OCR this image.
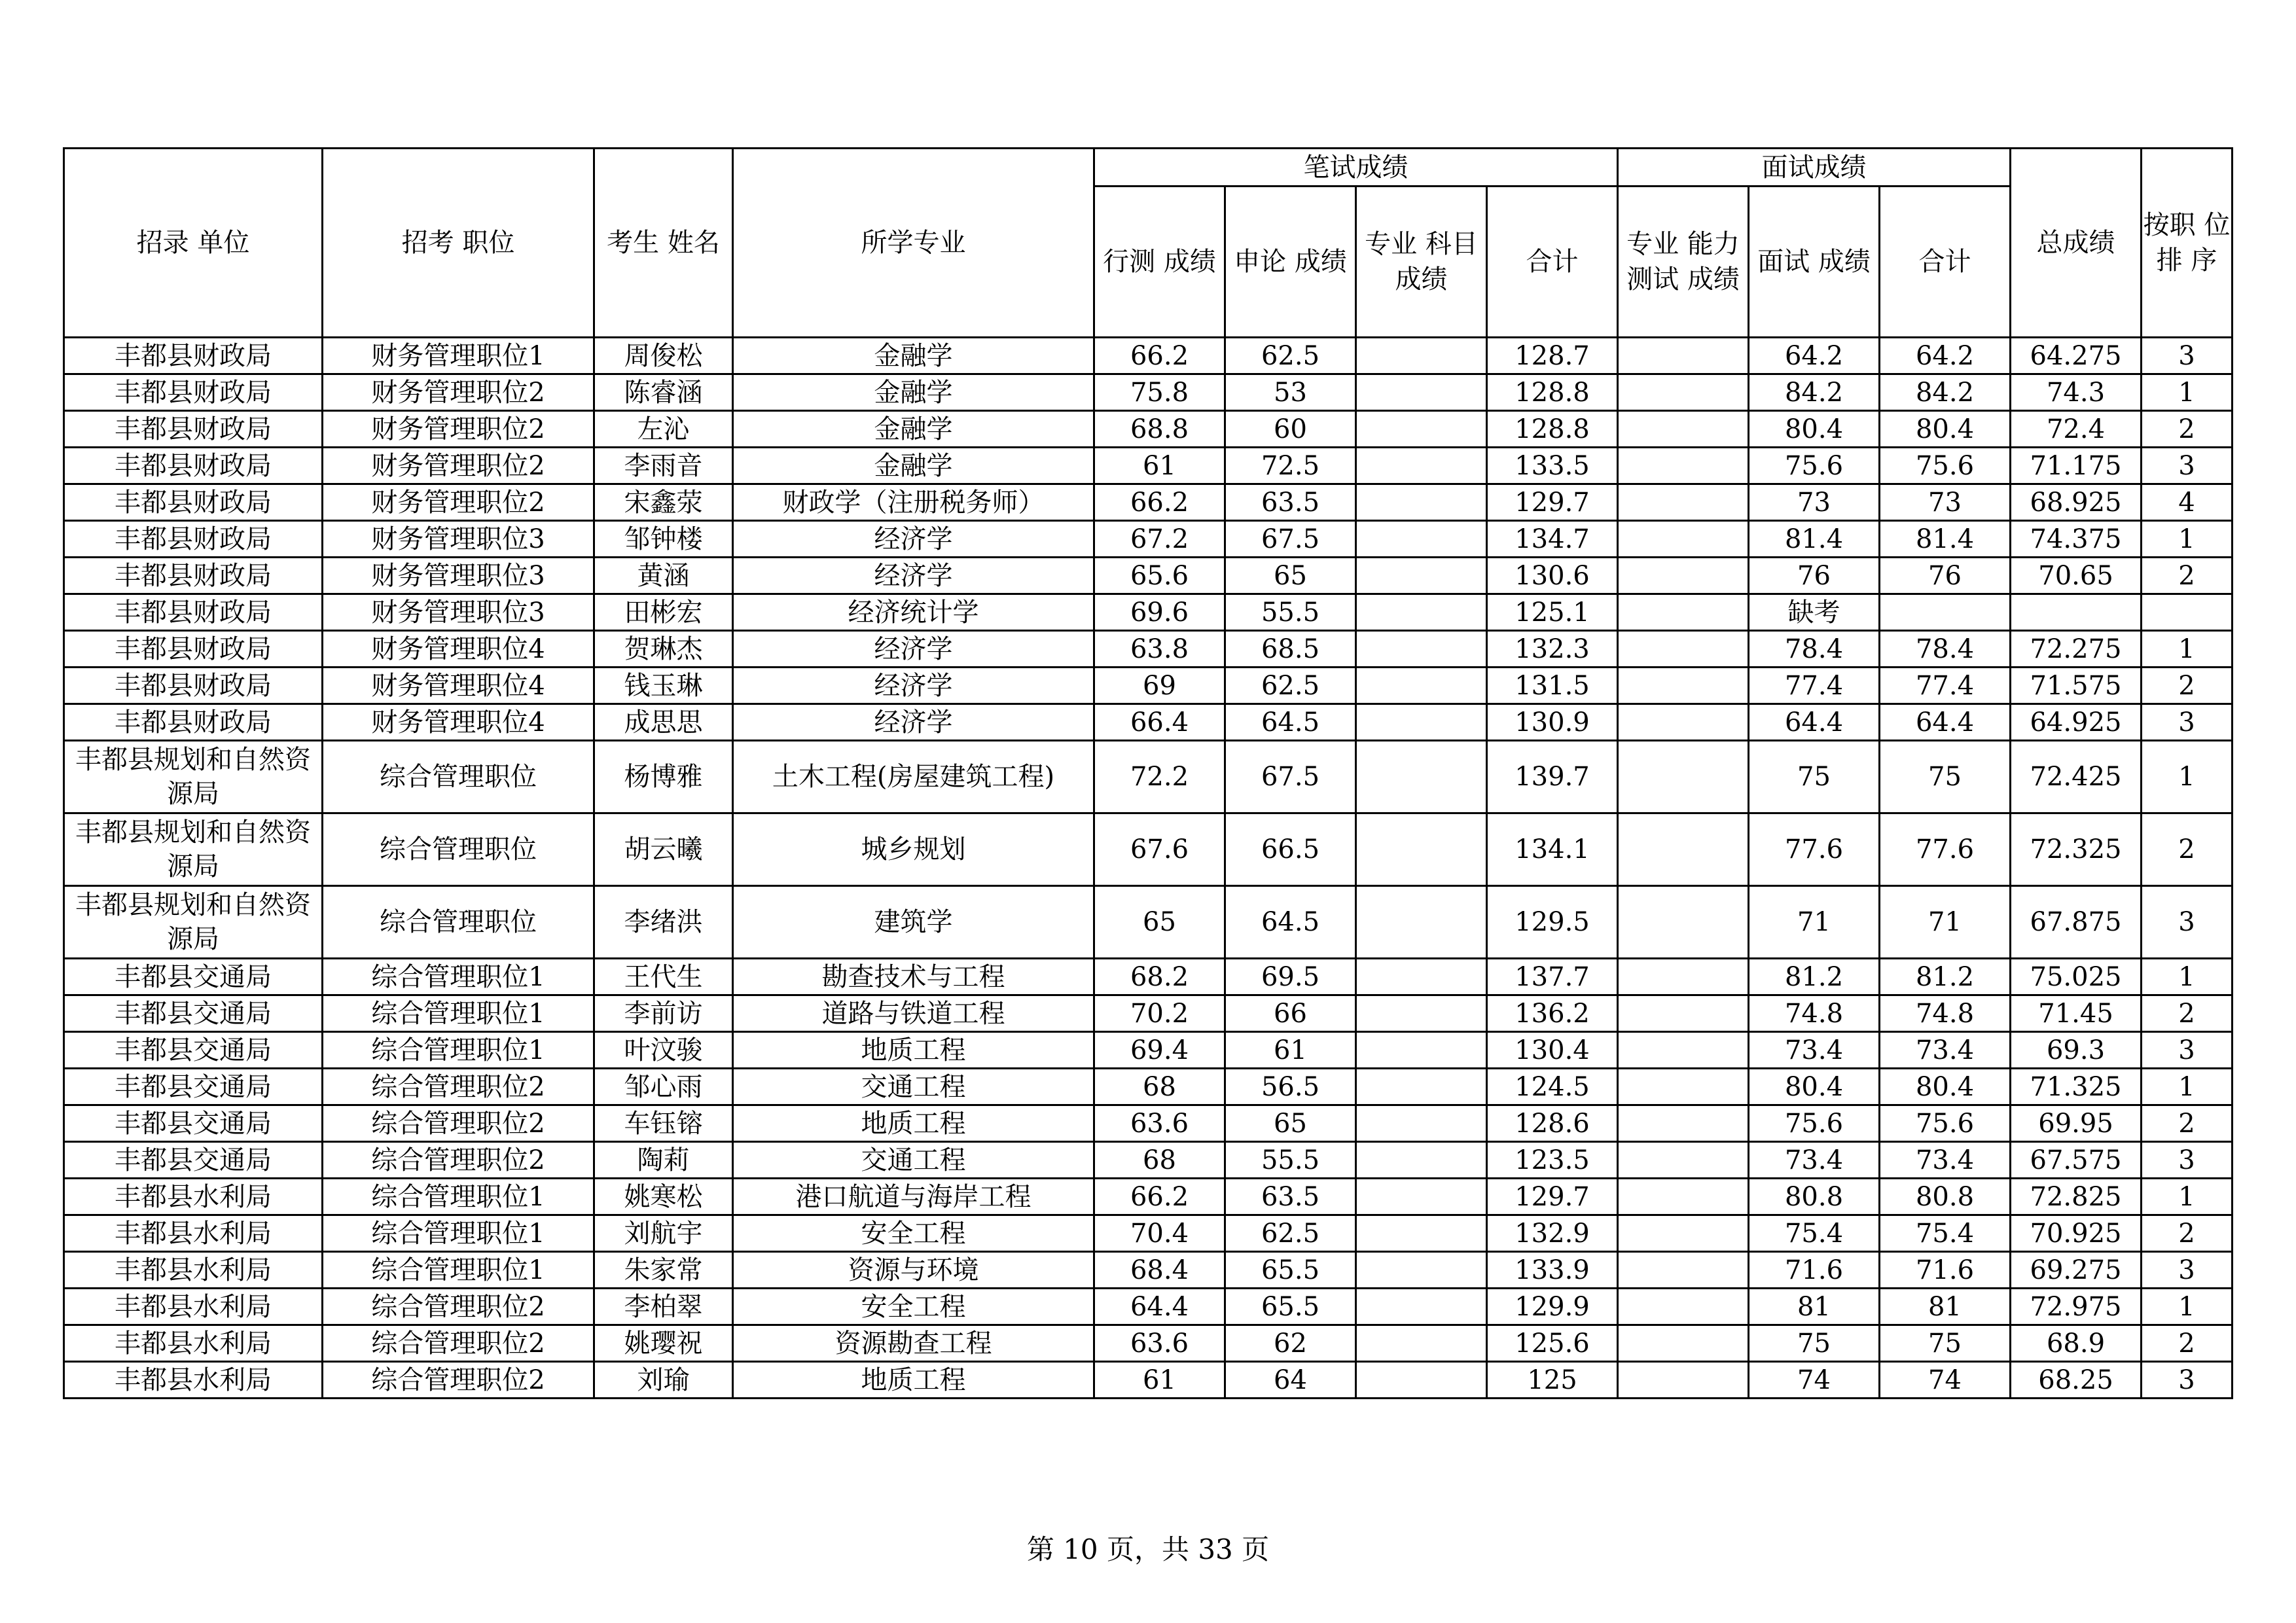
招录 单位	招考 职位	考生 姓名	所学专业	笔试成绩				面试成绩			总成绩	按职 位排 序
				行测 成绩	申论 成绩	专业 科目 成绩	合计	专业 能力 测试 成绩	面试 成绩	合计		
丰都县财政局	财务管理职位1	周俊松	金融学	66.2	62.5		128.7		64.2	64.2	64.275	3
丰都县财政局	财务管理职位2	陈睿涵	金融学	75.8	53		128.8		84.2	84.2	74.3	1
丰都县财政局	财务管理职位2	左沁	金融学	68.8	60		128.8		80.4	80.4	72.4	2
丰都县财政局	财务管理职位2	李雨音	金融学	61	72.5		133.5		75.6	75.6	71.175	3
丰都县财政局	财务管理职位2	宋鑫荥	财政学（注册税务师）	66.2	63.5		129.7		73	73	68.925	4
丰都县财政局	财务管理职位3	邹钟楼	经济学	67.2	67.5		134.7		81.4	81.4	74.375	1
丰都县财政局	财务管理职位3	黄涵	经济学	65.6	65		130.6		76	76	70.65	2
丰都县财政局	财务管理职位3	田彬宏	经济统计学	69.6	55.5		125.1		缺考			
丰都县财政局	财务管理职位4	贺琳杰	经济学	63.8	68.5		132.3		78.4	78.4	72.275	1
丰都县财政局	财务管理职位4	钱玉琳	经济学	69	62.5		131.5		77.4	77.4	71.575	2
丰都县财政局	财务管理职位4	成思思	经济学	66.4	64.5		130.9		64.4	64.4	64.925	3
丰都县规划和自然资源局	综合管理职位	杨博雅	土木工程(房屋建筑工程)	72.2	67.5		139.7		75	75	72.425	1
丰都县规划和自然资源局	综合管理职位	胡云曦	城乡规划	67.6	66.5		134.1		77.6	77.6	72.325	2
丰都县规划和自然资源局	综合管理职位	李绪洪	建筑学	65	64.5		129.5		71	71	67.875	3
丰都县交通局	综合管理职位1	王代生	勘查技术与工程	68.2	69.5		137.7		81.2	81.2	75.025	1
丰都县交通局	综合管理职位1	李前访	道路与铁道工程	70.2	66		136.2		74.8	74.8	71.45	2
丰都县交通局	综合管理职位1	叶汶骏	地质工程	69.4	61		130.4		73.4	73.4	69.3	3
丰都县交通局	综合管理职位2	邹心雨	交通工程	68	56.5		124.5		80.4	80.4	71.325	1
丰都县交通局	综合管理职位2	车钰镕	地质工程	63.6	65		128.6		75.6	75.6	69.95	2
丰都县交通局	综合管理职位2	陶莉	交通工程	68	55.5		123.5		73.4	73.4	67.575	3
丰都县水利局	综合管理职位1	姚寒松	港口航道与海岸工程	66.2	63.5		129.7		80.8	80.8	72.825	1
丰都县水利局	综合管理职位1	刘航宇	安全工程	70.4	62.5		132.9		75.4	75.4	70.925	2
丰都县水利局	综合管理职位1	朱家常	资源与环境	68.4	65.5		133.9		71.6	71.6	69.275	3
丰都县水利局	综合管理职位2	李柏翠	安全工程	64.4	65.5		129.9		81	81	72.975	1
丰都县水利局	综合管理职位2	姚璎祝	资源勘查工程	63.6	62		125.6		75	75	68.9	2
丰都县水利局	综合管理职位2	刘瑜	地质工程	61	64		125		74	74	68.25	3
第 10 页，共 33 页
